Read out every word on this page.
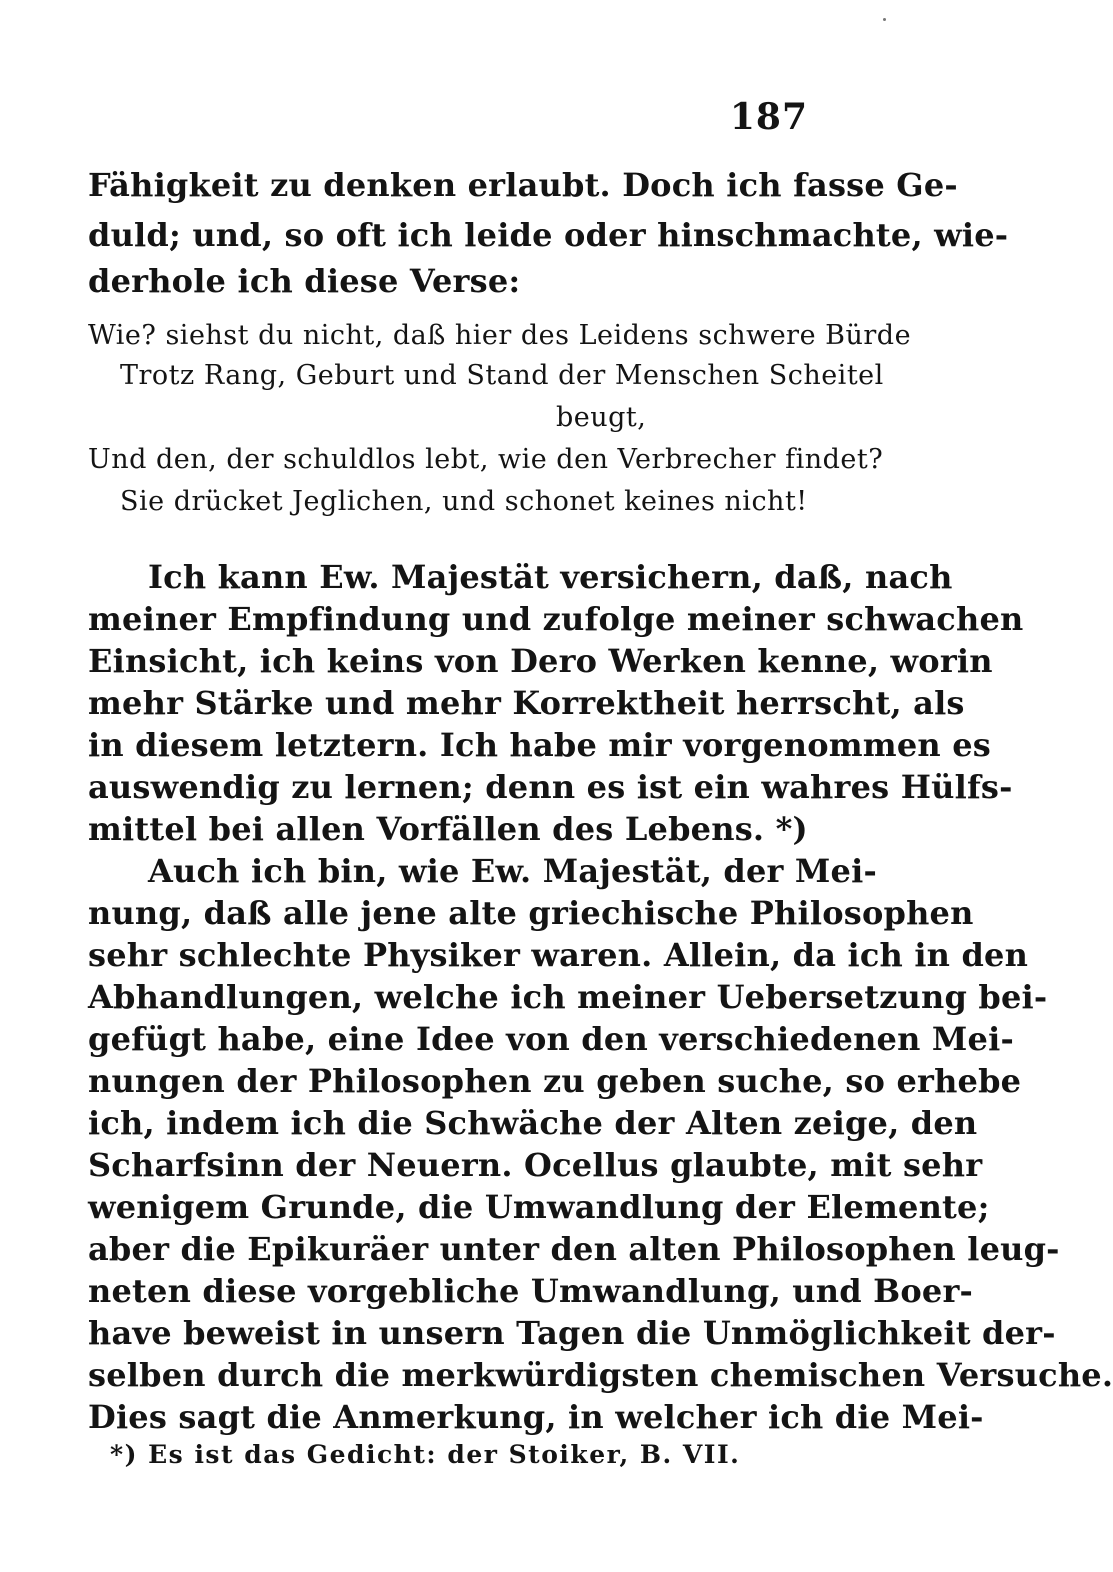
187
Fähigkeit zu denken erlaubt. Doch ich fasse Ge-
duld; und, so oft ich leide oder hinschmachte, wie-
derhole ich diese Verse:
Wie? siehst du nicht, daß hier des Leidens schwere Bürde
Trotz Rang, Geburt und Stand der Menschen Scheitel
beugt,
Und den, der schuldlos lebt, wie den Verbrecher findet?
Sie drücket Jeglichen, und schonet keines nicht!
Ich kann Ew. Majestät versichern, daß, nach
meiner Empfindung und zufolge meiner schwachen
Einsicht, ich keins von Dero Werken kenne, worin
mehr Stärke und mehr Korrektheit herrscht, als
in diesem letztern. Ich habe mir vorgenommen es
auswendig zu lernen; denn es ist ein wahres Hülfs-
mittel bei allen Vorfällen des Lebens. *)
Auch ich bin, wie Ew. Majestät, der Mei-
nung, daß alle jene alte griechische Philosophen
sehr schlechte Physiker waren. Allein, da ich in den
Abhandlungen, welche ich meiner Uebersetzung bei-
gefügt habe, eine Idee von den verschiedenen Mei-
nungen der Philosophen zu geben suche, so erhebe
ich, indem ich die Schwäche der Alten zeige, den
Scharfsinn der Neuern. Ocellus glaubte, mit sehr
wenigem Grunde, die Umwandlung der Elemente;
aber die Epikuräer unter den alten Philosophen leug-
neten diese vorgebliche Umwandlung, und Boer-
have beweist in unsern Tagen die Unmöglichkeit der-
selben durch die merkwürdigsten chemischen Versuche.
Dies sagt die Anmerkung, in welcher ich die Mei-
*) Es ist das Gedicht: der Stoiker, B. VII.
